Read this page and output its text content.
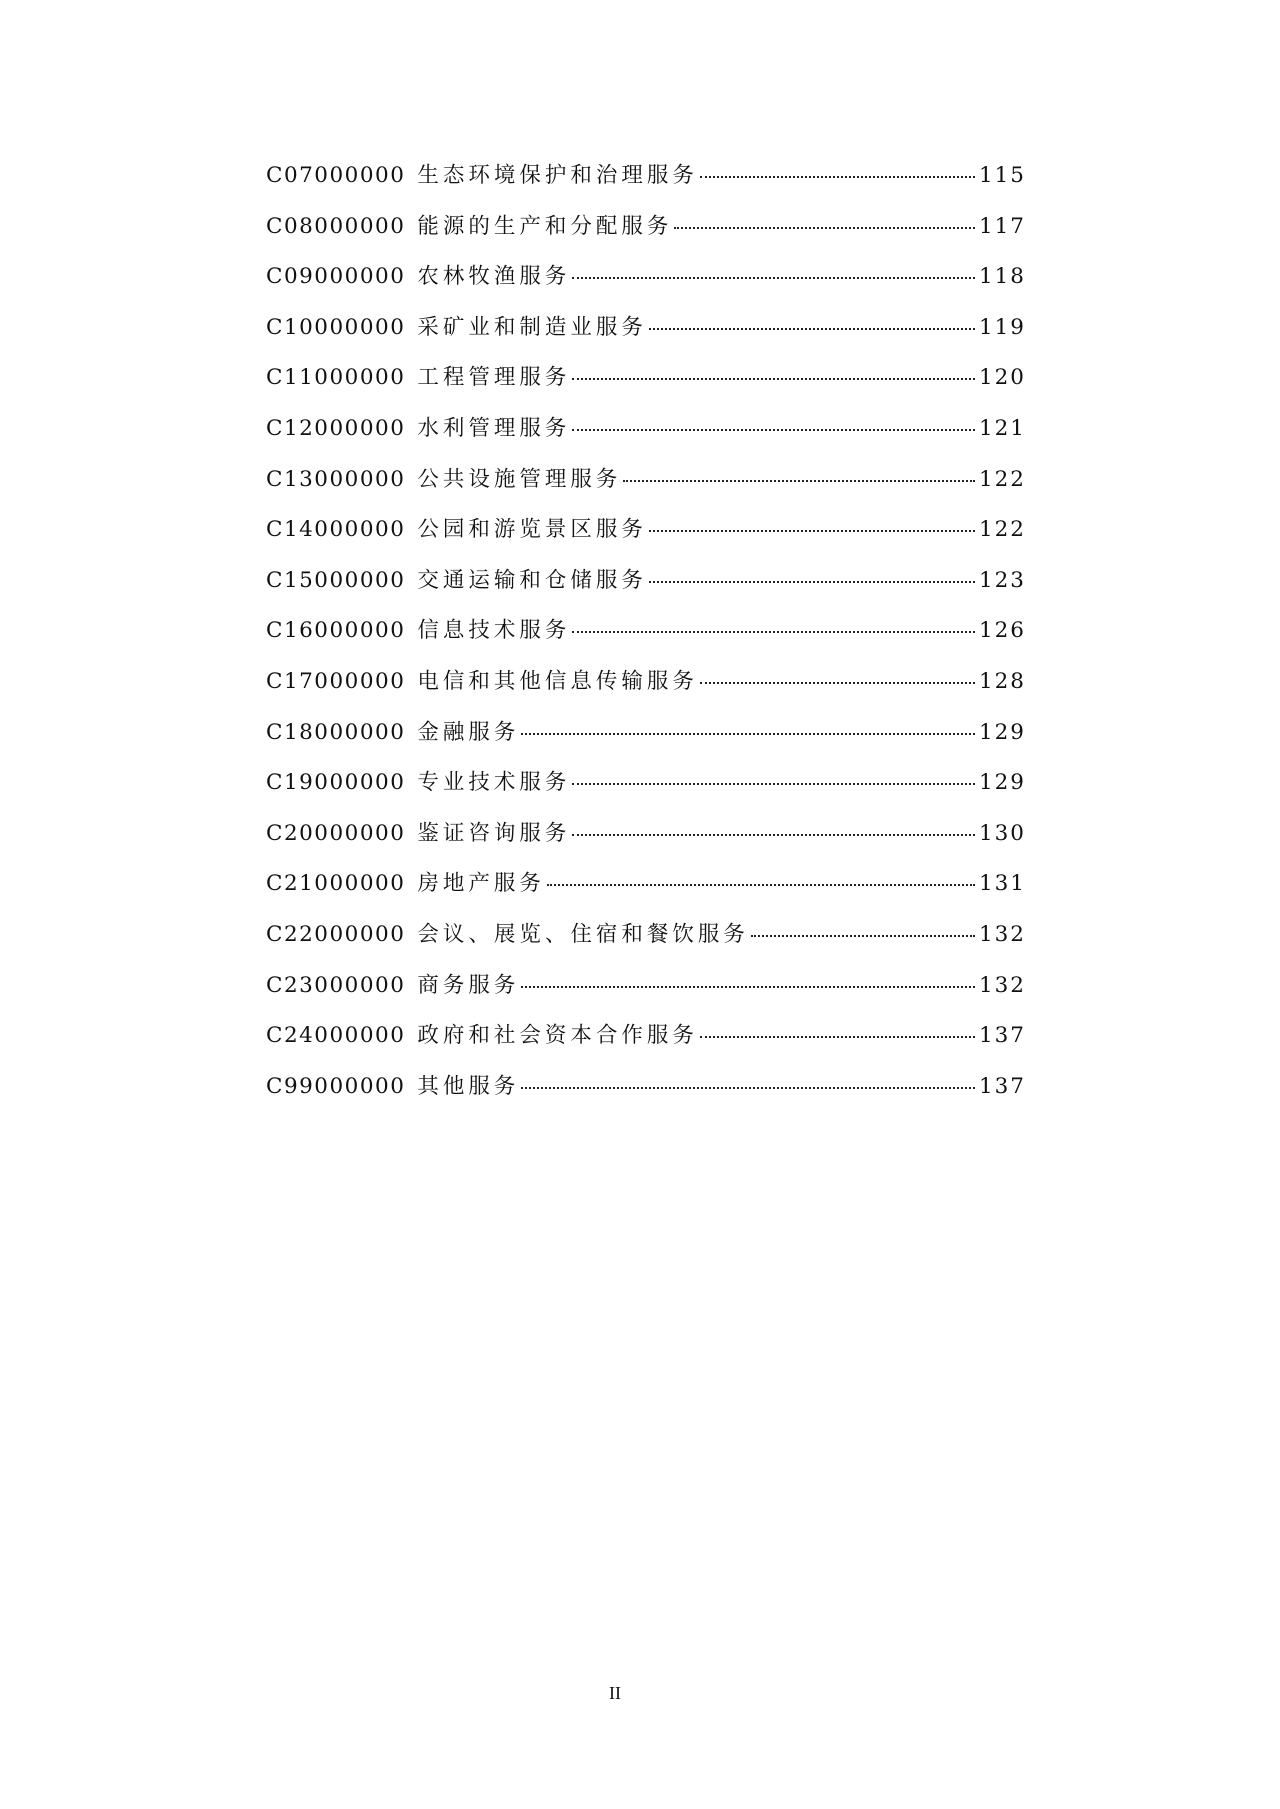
C07000000 生态环境保护和治理服务	115
C08000000 能源的生产和分配服务	117
C09000000 农林牧渔服务	118
C10000000 采矿业和制造业服务	119
C11000000 工程管理服务	120
C12000000 水利管理服务	121
C13000000 公共设施管理服务	122
C14000000 公园和游览景区服务	122
C15000000 交通运输和仓储服务	123
C16000000 信息技术服务	126
C17000000 电信和其他信息传输服务	128
C18000000 金融服务	129
C19000000 专业技术服务	129
C20000000 鉴证咨询服务	130
C21000000 房地产服务	131
C22000000 会议、展览、住宿和餐饮服务	132
C23000000 商务服务	132
C24000000 政府和社会资本合作服务	137
C99000000 其他服务	137
II
